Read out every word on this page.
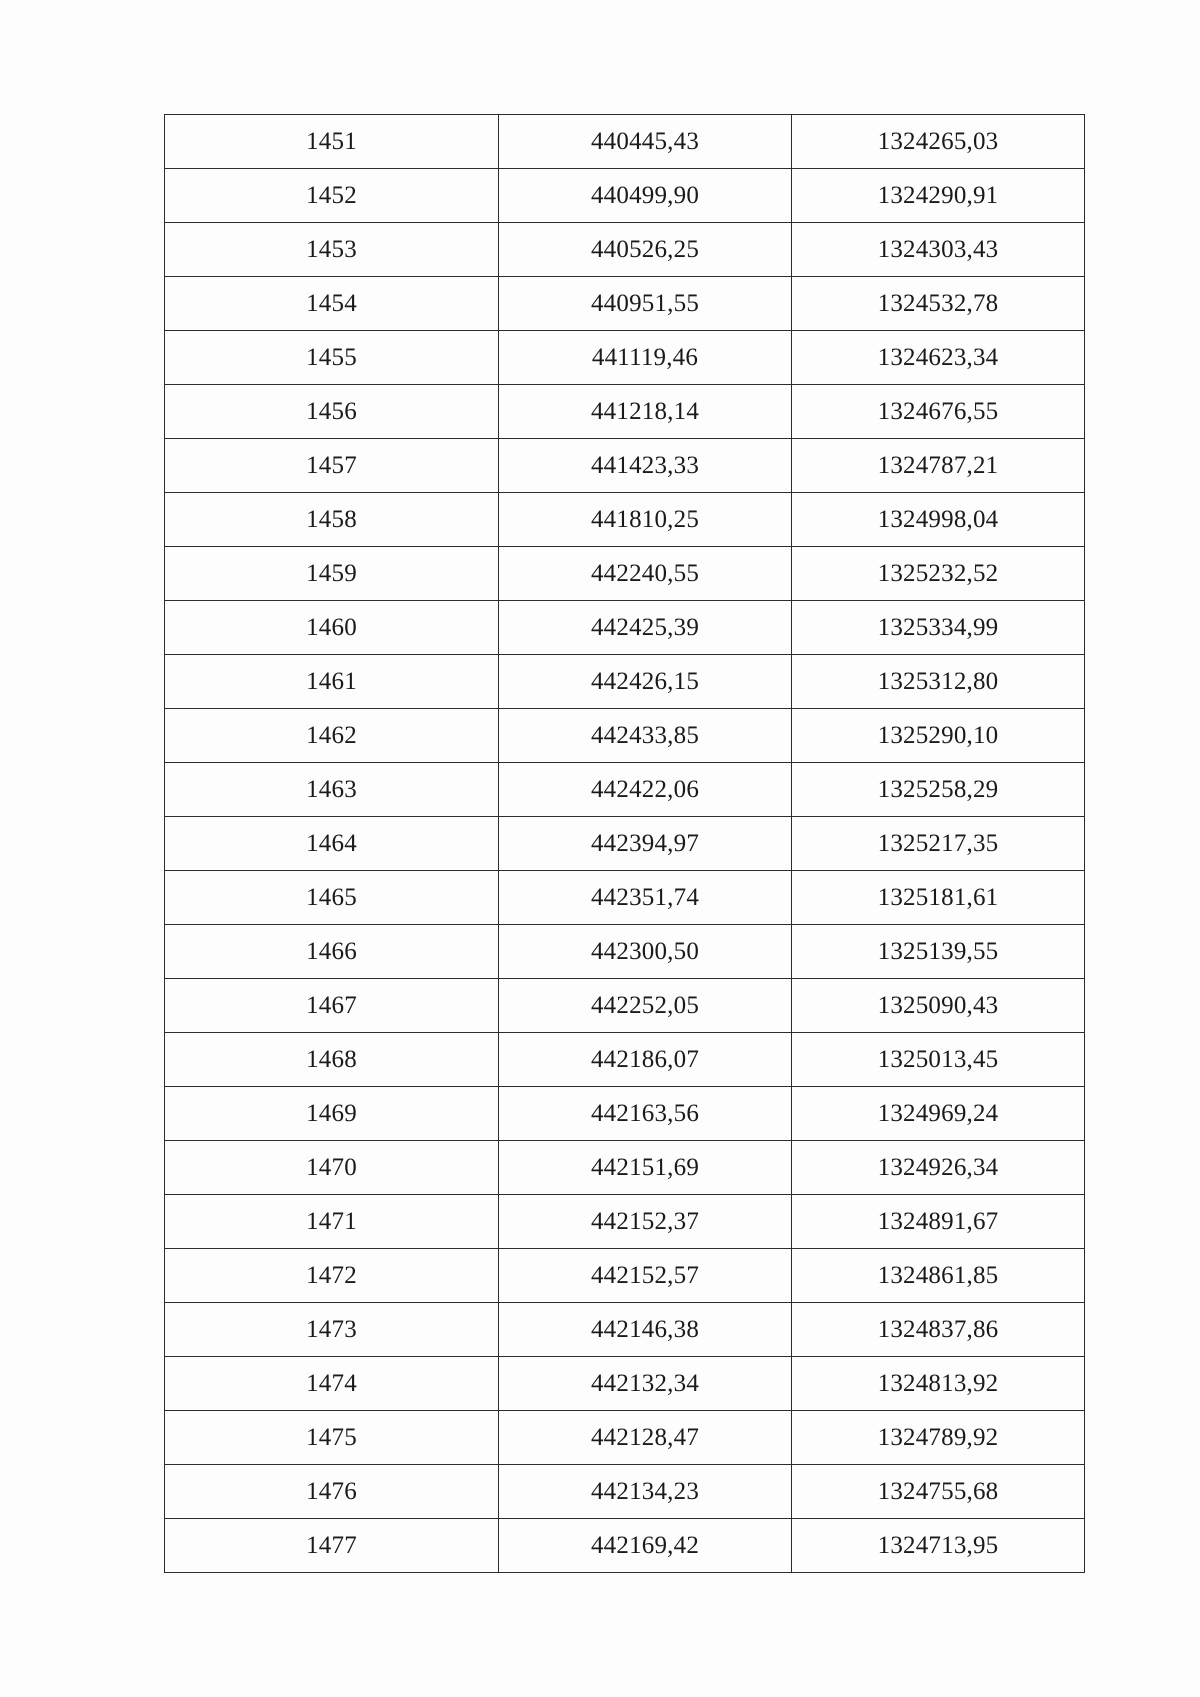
1451	440445,43	1324265,03
1452	440499,90	1324290,91
1453	440526,25	1324303,43
1454	440951,55	1324532,78
1455	441119,46	1324623,34
1456	441218,14	1324676,55
1457	441423,33	1324787,21
1458	441810,25	1324998,04
1459	442240,55	1325232,52
1460	442425,39	1325334,99
1461	442426,15	1325312,80
1462	442433,85	1325290,10
1463	442422,06	1325258,29
1464	442394,97	1325217,35
1465	442351,74	1325181,61
1466	442300,50	1325139,55
1467	442252,05	1325090,43
1468	442186,07	1325013,45
1469	442163,56	1324969,24
1470	442151,69	1324926,34
1471	442152,37	1324891,67
1472	442152,57	1324861,85
1473	442146,38	1324837,86
1474	442132,34	1324813,92
1475	442128,47	1324789,92
1476	442134,23	1324755,68
1477	442169,42	1324713,95
